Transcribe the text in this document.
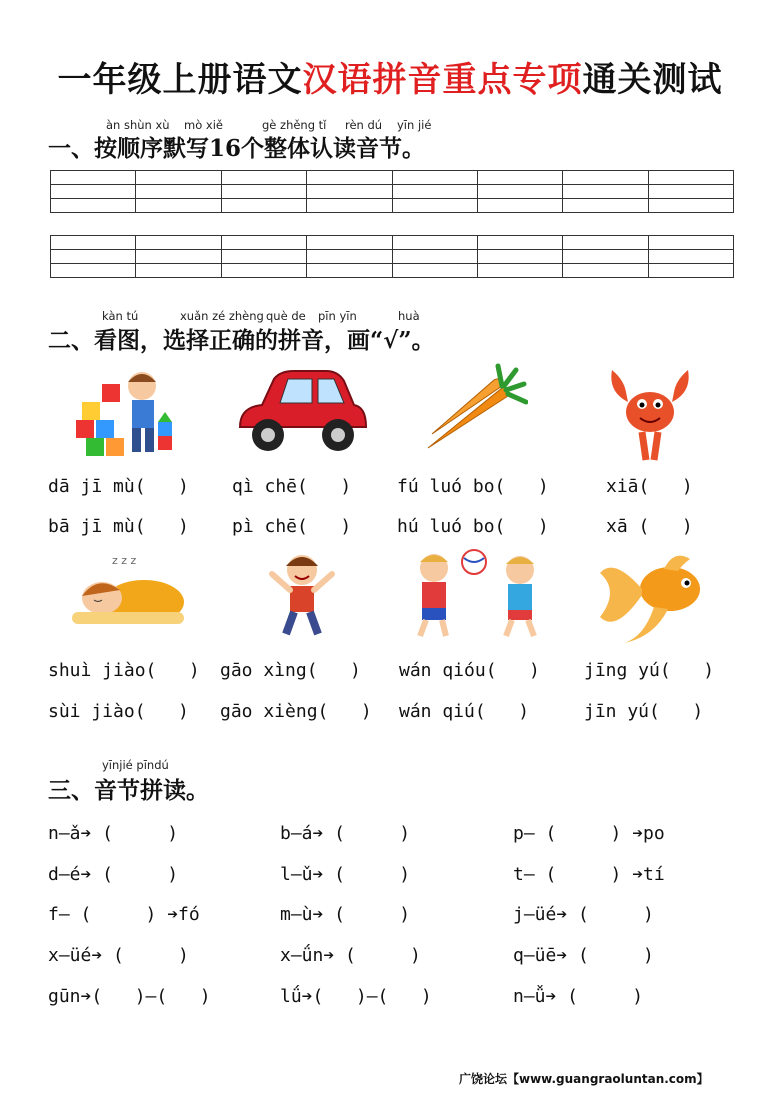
一年级上册语文汉语拼音重点专项通关测试
àn shùn xù mò xiě	gè zhěng tǐ rèn dú yīn jié
一、按顺序默写16个整体认读音节。

kàn tú	xuǎn zé zhèng què de pīn yīn	huà
二、看图，选择正确的拼音，画“√”。
dā jī mù(   ) qì chē(   )	fú luó bo(   )	xiā(   )
bā jī mù(   ) pì chē(   )	hú luó bo(   )	xā (   )
z z z
shuì jiào(   ) gāo xìng(   ) wán qióu(   ) jīng yú(   )
sùi jiào(   ) gāo xièng(   ) wán qiú(   )	jīn yú(   )
yīnjié pīndú
三、音节拼读。
n—ǎ➔ (     )	b—á➔ (     )	p— (     ) ➔po
d—é➔ (     )	l—ǔ➔ (     )	t— (     ) ➔tí
f— (     ) ➔fó	m—ù➔ (     )	j—üé➔ (     )
x—üé➔ (     )	x—ǘn➔ (     )	q—üē➔ (     )
gūn➔(   )—(   )	lǘ➔(   )—(   )	n—ǚ➔ (     )
广饶论坛【www.guangraoluntan.com】
